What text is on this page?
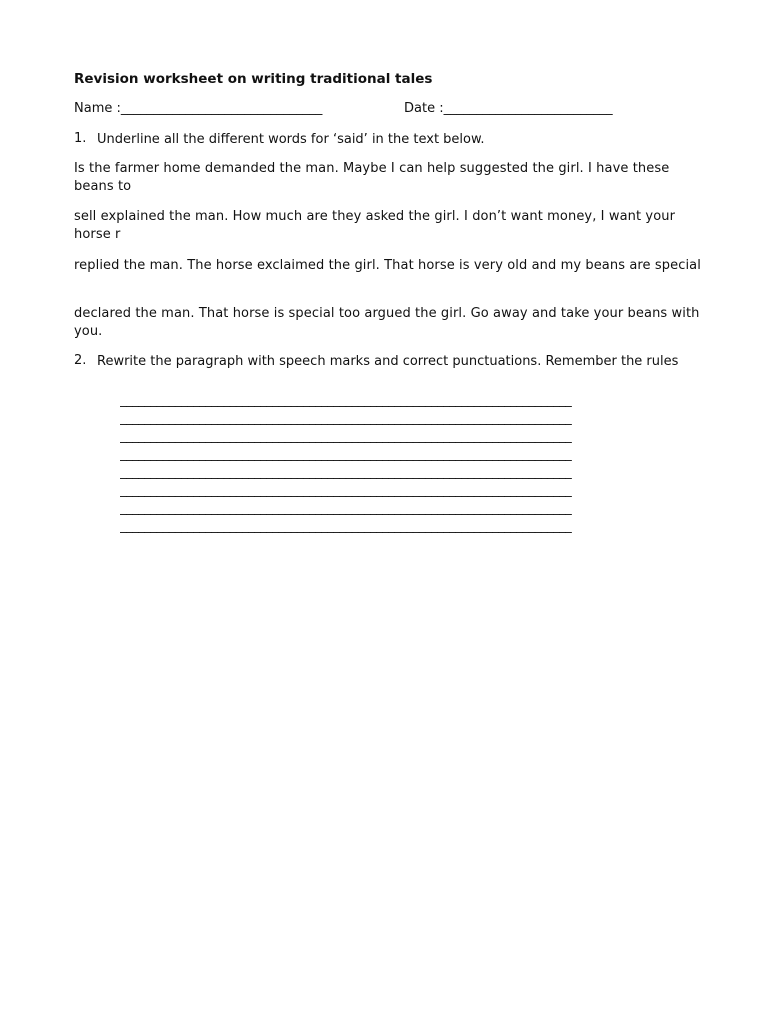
Revision worksheet on writing traditional tales
Name :_______________________________	Date :__________________________
1. Underline all the different words for ‘said’ in the text below.

Is the farmer home demanded the man. Maybe I can help suggested the girl. I have these beans to

sell explained the man. How much are they asked the girl. I don’t want money, I want your horse r

replied the man. The horse exclaimed the girl. That horse is very old and my beans are special

declared the man. That horse is special too argued the girl. Go away and take your beans with you.

2. Rewrite the paragraph with speech marks and correct punctuations. Remember the rules
__________________________________________________________________________
__________________________________________________________________________
__________________________________________________________________________
__________________________________________________________________________
__________________________________________________________________________
__________________________________________________________________________
__________________________________________________________________________
__________________________________________________________________________
